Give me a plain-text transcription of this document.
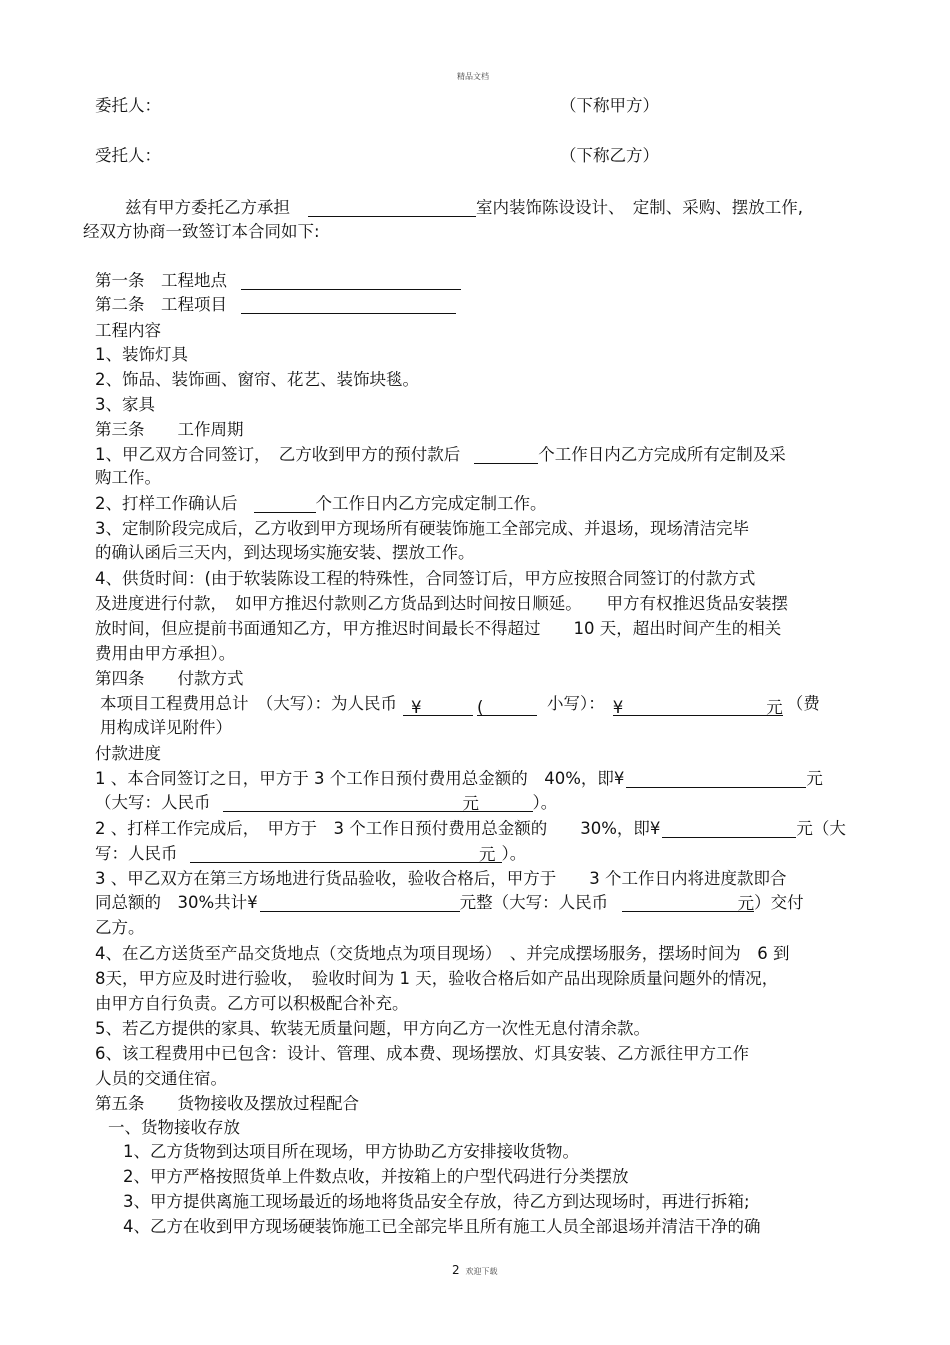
精品文档
委托人：	（下称甲方）
受托人：	（下称乙方）
兹有甲方委托乙方承担	室内装饰陈设设计、　定制、采购、摆放工作,
经双方协商一致签订本合同如下:
第一条　工程地点
第二条　工程项目
工程内容
1、装饰灯具
2、饰品、装饰画、窗帘、花艺、装饰块毯。
3、家具
第三条　　工作周期
1、甲乙双方合同签订，　乙方收到甲方的预付款后	个工作日内乙方完成所有定制及采
购工作。
2、打样工作确认后	个工作日内乙方完成定制工作。
3、定制阶段完成后，乙方收到甲方现场所有硬装饰施工全部完成、并退场，现场清洁完毕
的确认函后三天内，到达现场实施安装、摆放工作。
4、供货时间：(由于软装陈设工程的特殊性，合同签订后，甲方应按照合同签订的付款方式
及进度进行付款，　如甲方推迟付款则乙方货品到达时间按日顺延。　　甲方有权推迟货品安装摆
放时间，但应提前书面通知乙方，甲方推迟时间最长不得超过　　10 天，超出时间产生的相关
费用由甲方承担）。
第四条　　付款方式
本项目工程费用总计　（大写）：为人民币 ¥	(	小写）： ¥	元 （费
用构成详见附件）
付款进度
1 、本合同签订之日，甲方于 3 个工作日预付费用总金额的　40%，即¥	元
（大写：人民币	元	）。
2 、打样工作完成后，　甲方于　3 个工作日预付费用总金额的　　30%，即¥	元（大
写：人民币	元 ）。
3 、甲乙双方在第三方场地进行货品验收，验收合格后，甲方于　　3 个工作日内将进度款即合
同总额的　30%共计¥	元整（大写：人民币	元 ）交付
乙方。
4、在乙方送货至产品交货地点（交货地点为项目现场）　、并完成摆场服务，摆场时间为　6 到
8天，甲方应及时进行验收，　验收时间为 1 天，验收合格后如产品出现除质量问题外的情况，
由甲方自行负责。乙方可以积极配合补充。
5、若乙方提供的家具、软装无质量问题，甲方向乙方一次性无息付清余款。
6、该工程费用中已包含：设计、管理、成本费、现场摆放、灯具安装、乙方派往甲方工作
人员的交通住宿。
第五条　　货物接收及摆放过程配合
一、货物接收存放
1、乙方货物到达项目所在现场，甲方协助乙方安排接收货物。
2、甲方严格按照货单上件数点收，并按箱上的户型代码进行分类摆放
3、甲方提供离施工现场最近的场地将货品安全存放，待乙方到达现场时，再进行拆箱;
4、乙方在收到甲方现场硬装饰施工已全部完毕且所有施工人员全部退场并清洁干净的确
2 欢迎下载
